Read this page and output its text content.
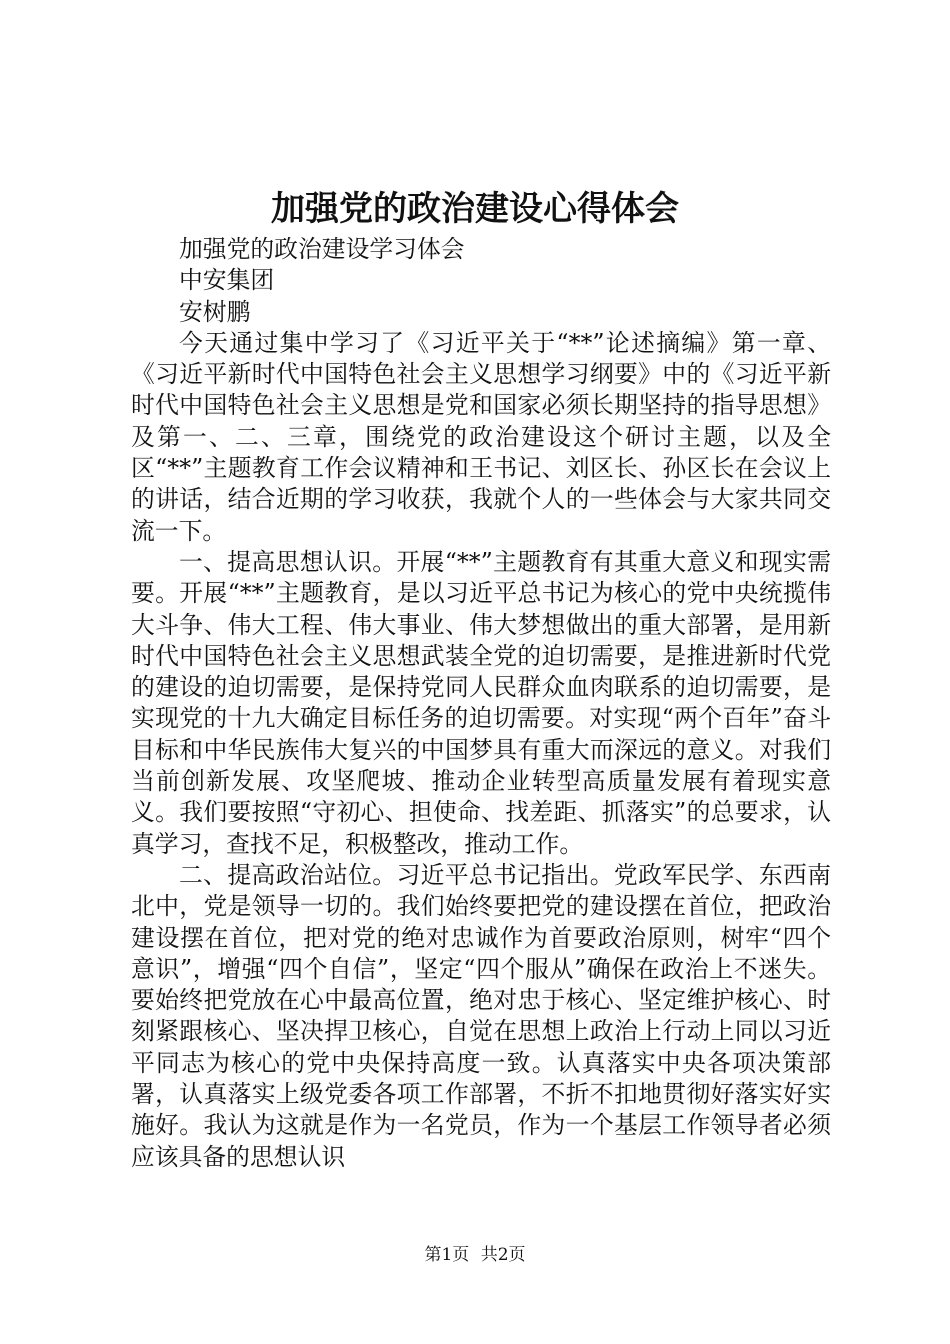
加强党的政治建设心得体会
加强党的政治建设学习体会
中安集团
安树鹏

今天通过集中学习了《习近平关于“**”论述摘编》第一章、《习近平新时代中国特色社会主义思想学习纲要》中的《习近平新时代中国特色社会主义思想是党和国家必须长期坚持的指导思想》及第一、二、三章，围绕党的政治建设这个研讨主题，以及全区“**”主题教育工作会议精神和王书记、刘区长、孙区长在会议上的讲话，结合近期的学习收获，我就个人的一些体会与大家共同交流一下。

一、提高思想认识。开展“**”主题教育有其重大意义和现实需要。开展“**”主题教育，是以习近平总书记为核心的党中央统揽伟大斗争、伟大工程、伟大事业、伟大梦想做出的重大部署，是用新时代中国特色社会主义思想武装全党的迫切需要，是推进新时代党的建设的迫切需要，是保持党同人民群众血肉联系的迫切需要，是实现党的十九大确定目标任务的迫切需要。对实现“两个百年”奋斗目标和中华民族伟大复兴的中国梦具有重大而深远的意义。对我们当前创新发展、攻坚爬坡、推动企业转型高质量发展有着现实意义。我们要按照“守初心、担使命、找差距、抓落实”的总要求，认真学习，查找不足，积极整改，推动工作。

二、提高政治站位。习近平总书记指出。党政军民学、东西南北中，党是领导一切的。我们始终要把党的建设摆在首位，把政治建设摆在首位，把对党的绝对忠诚作为首要政治原则，树牢“四个意识”，增强“四个自信”，坚定“四个服从”确保在政治上不迷失。要始终把党放在心中最高位置，绝对忠于核心、坚定维护核心、时刻紧跟核心、坚决捍卫核心，自觉在思想上政治上行动上同以习近平同志为核心的党中央保持高度一致。认真落实中央各项决策部署，认真落实上级党委各项工作部署，不折不扣地贯彻好落实好实施好。我认为这就是作为一名党员，作为一个基层工作领导者必须应该具备的思想认识

第1页 共2页
